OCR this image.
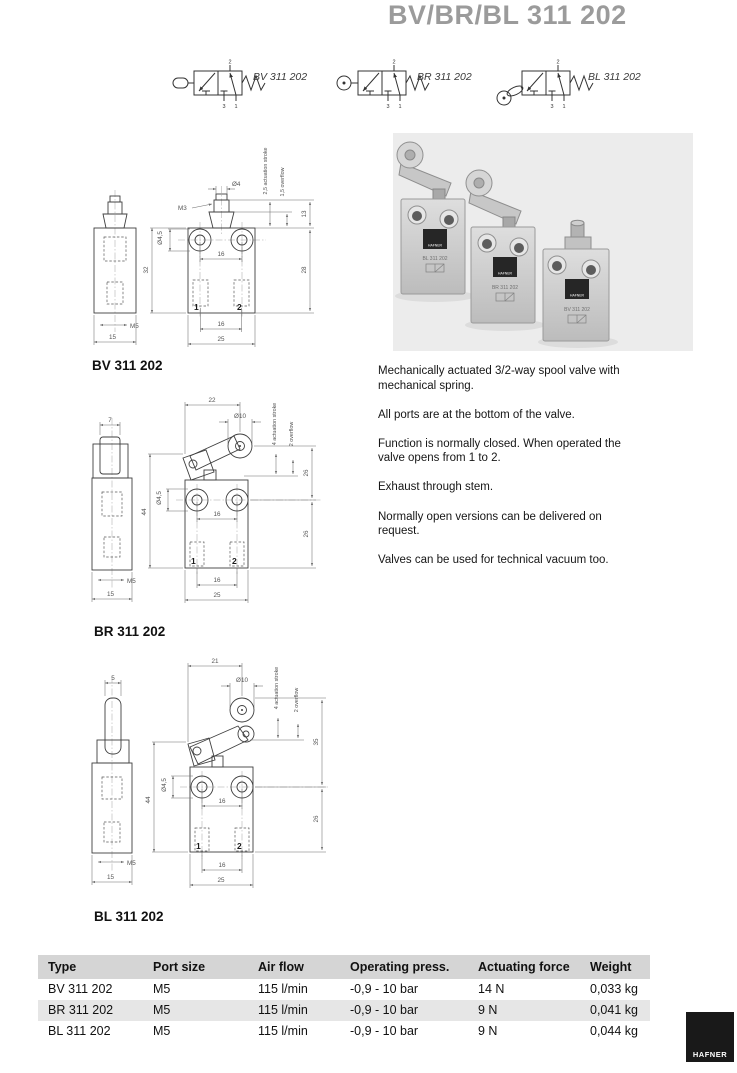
BV/BR/BL 311 202
2
3 1
BV 311 202
2
3 1
BR 311 202
2
3 1
BL 311 202
M5
15
1	2
Ø4
M3
Ø4,5
16
32
16
25
2,5 actuation stroke 1,5 overflow
13
28
BV 311 202
HAFNER
BL 311 202
HAFNER
BR 311 202
HAFNER
BV 311 202

Mechanically actuated 3/2-way spool valve with mechanical spring.

All ports are at the bottom of the valve.

Function is normally closed. When operated the valve opens from 1 to 2.

Exhaust through stem.

Normally open versions can be delivered on request.

Valves can be used for technical vacuum too.

7
M5
15
1	2
22
Ø10
Ø4,5
44	16
16
25
26
26
4 actuation stroke 2 overflow
BR 311 202
5
M5
15
1	2
21
Ø10
Ø4,5
44	16
16
25
35
26
4 actuation stroke	2 overflow
BL 311 202
Type	Port size	Air flow	Operating press.	Actuating force	Weight
BV 311 202	M5	115 l/min	-0,9 - 10 bar	14 N	0,033 kg
BR 311 202	M5	115 l/min	-0,9 - 10 bar	9 N	0,041 kg
BL 311 202	M5	115 l/min	-0,9 - 10 bar	9 N	0,044 kg
HAFNER
